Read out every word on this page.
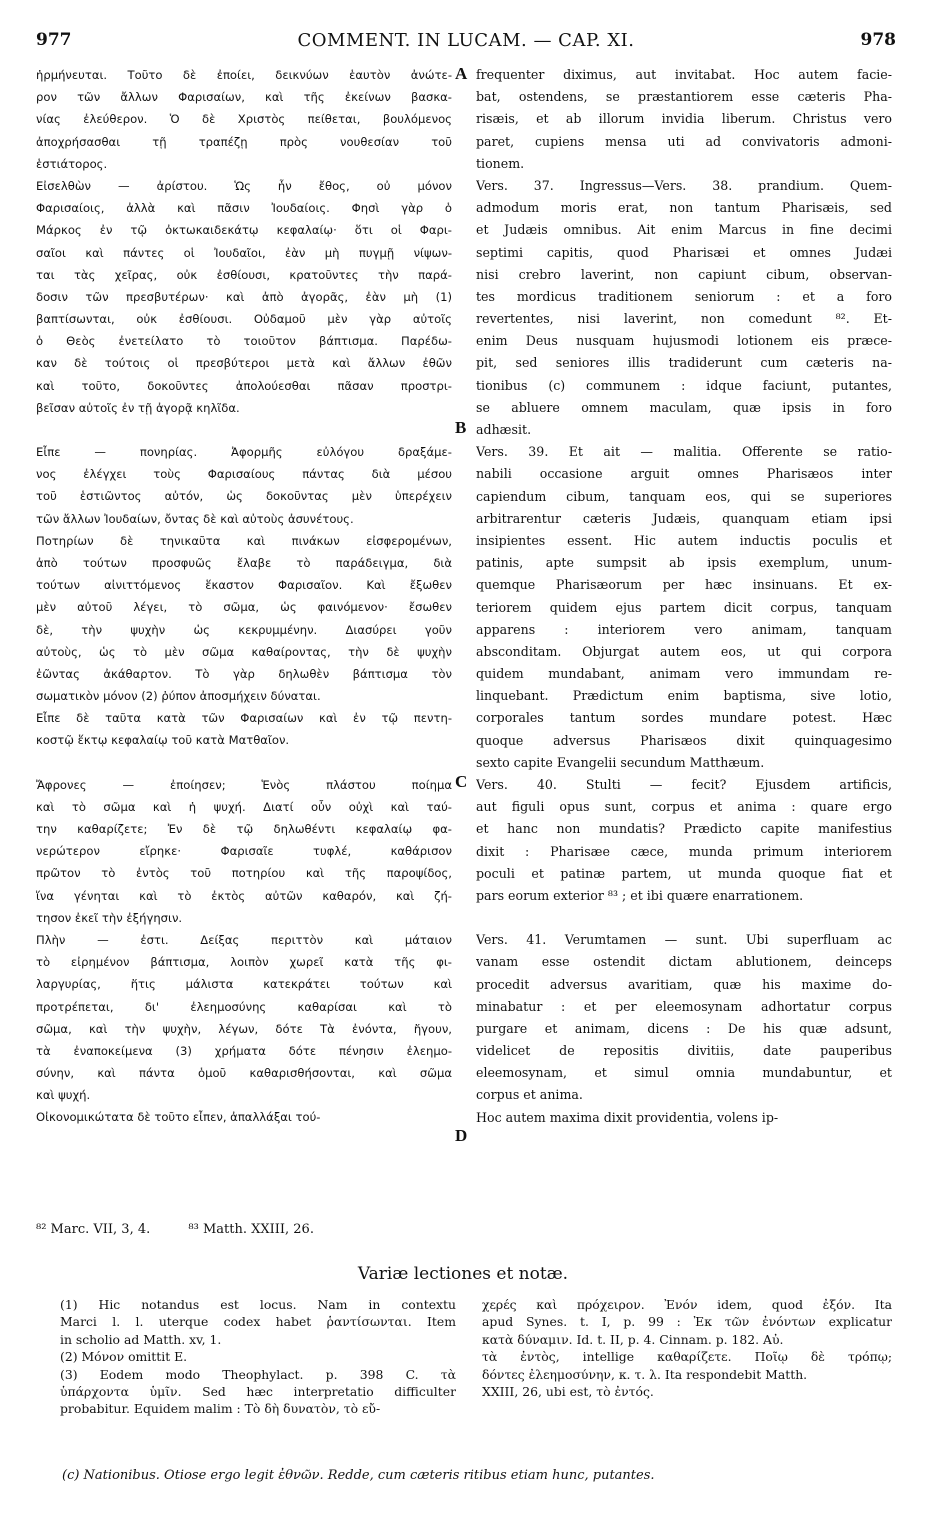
977	COMMENT. IN LUCAM. — CAP. XI.	978
ἡρμήνευται. Τοῦτο δὲ ἐποίει, δεικνύων ἑαυτὸν ἀνώτε-
ρον τῶν ἄλλων Φαρισαίων, καὶ τῆς ἐκείνων βασκα-
νίας ἐλεύθερον. Ὁ δὲ Χριστὸς πείθεται, βουλόμενος
ἀποχρήσασθαι τῇ τραπέζῃ πρὸς νουθεσίαν τοῦ
ἑστιάτορος.
Εἰσελθὼν — ἀρίστου. Ὡς ἦν ἔθος, οὐ μόνον
Φαρισαίοις, ἀλλὰ καὶ πᾶσιν Ἰουδαίοις. Φησὶ γὰρ ὁ
Μάρκος ἐν τῷ ὀκτωκαιδεκάτῳ κεφαλαίῳ· ὅτι οἱ Φαρι-
σαῖοι καὶ πάντες οἱ Ἰουδαῖοι, ἐὰν μὴ πυγμῇ νίψων-
ται τὰς χεῖρας, οὐκ ἐσθίουσι, κρατοῦντες τὴν παρά-
δοσιν τῶν πρεσβυτέρων· καὶ ἀπὸ ἀγορᾶς, ἐὰν μὴ (1)
βαπτίσωνται, οὐκ ἐσθίουσι. Οὐδαμοῦ μὲν γὰρ αὐτοῖς
ὁ Θεὸς ἐνετείλατο τὸ τοιοῦτον βάπτισμα. Παρέδω-
καν δὲ τούτοις οἱ πρεσβύτεροι μετὰ καὶ ἄλλων ἐθῶν
καὶ τοῦτο, δοκοῦντες ἀπολούεσθαι πᾶσαν προστρι-
βεῖσαν αὐτοῖς ἐν τῇ ἀγορᾷ κηλῖδα.
Εἶπε — πονηρίας. Ἀφορμῆς εὐλόγου δραξάμε-
νος ἐλέγχει τοὺς Φαρισαίους πάντας διὰ μέσου
τοῦ ἑστιῶντος αὐτόν, ὡς δοκοῦντας μὲν ὑπερέχειν
τῶν ἄλλων Ἰουδαίων, ὄντας δὲ καὶ αὐτοὺς ἀσυνέτους.
Ποτηρίων δὲ τηνικαῦτα καὶ πινάκων εἰσφερομένων,
ἀπὸ τούτων προσφυῶς ἔλαβε τὸ παράδειγμα, διὰ
τούτων αἰνιττόμενος ἕκαστον Φαρισαῖον. Καὶ ἔξωθεν
μὲν αὐτοῦ λέγει, τὸ σῶμα, ὡς φαινόμενον· ἔσωθεν
δὲ, τὴν ψυχὴν ὡς κεκρυμμένην. Διασύρει γοῦν
αὐτοὺς, ὡς τὸ μὲν σῶμα καθαίροντας, τὴν δὲ ψυχὴν
ἐῶντας ἀκάθαρτον. Τὸ γὰρ δηλωθὲν βάπτισμα τὸν
σωματικὸν μόνον (2) ῥύπον ἀποσμήχειν δύναται.
Εἶπε δὲ ταῦτα κατὰ τῶν Φαρισαίων καὶ ἐν τῷ πεντη-
κοστῷ ἕκτῳ κεφαλαίῳ τοῦ κατὰ Ματθαῖον.
Ἄφρονες — ἐποίησεν; Ἑνὸς πλάστου ποίημα
καὶ τὸ σῶμα καὶ ἡ ψυχή. Διατί οὖν οὐχὶ καὶ ταύ-
την καθαρίζετε; Ἐν δὲ τῷ δηλωθέντι κεφαλαίῳ φα-
νερώτερον εἴρηκε· Φαρισαῖε τυφλέ, καθάρισον
πρῶτον τὸ ἐντὸς τοῦ ποτηρίου καὶ τῆς παροψίδος,
ἵνα γένηται καὶ τὸ ἐκτὸς αὐτῶν καθαρόν, καὶ ζή-
τησον ἐκεῖ τὴν ἐξήγησιν.
Πλὴν — ἐστι. Δείξας περιττὸν καὶ μάταιον
τὸ εἰρημένον βάπτισμα, λοιπὸν χωρεῖ κατὰ τῆς φι-
λαργυρίας, ἥτις μάλιστα κατεκράτει τούτων καὶ
προτρέπεται, δι' ἐλεημοσύνης καθαρίσαι καὶ τὸ
σῶμα, καὶ τὴν ψυχὴν, λέγων, δότε Τὰ ἐνόντα, ἤγουν,
τὰ ἐναποκείμενα (3) χρήματα δότε πένησιν ἐλεημο-
σύνην, καὶ πάντα ὁμοῦ καθαρισθήσονται, καὶ σῶμα
καὶ ψυχή.
Οἰκονομικώτατα δὲ τοῦτο εἶπεν, ἀπαλλάξαι τού-
frequenter diximus, aut invitabat. Hoc autem facie-
bat, ostendens, se præstantiorem esse cæteris Pha-
risæis, et ab illorum invidia liberum. Christus vero
paret, cupiens mensa uti ad convivatoris admoni-
tionem.
Vers. 37. Ingressus—Vers. 38. prandium. Quem-
admodum moris erat, non tantum Pharisæis, sed
et Judæis omnibus. Ait enim Marcus in fine decimi
septimi capitis, quod Pharisæi et omnes Judæi
nisi crebro laverint, non capiunt cibum, observan-
tes mordicus traditionem seniorum : et a foro
revertentes, nisi laverint, non comedunt ⁸². Et-
enim Deus nusquam hujusmodi lotionem eis præce-
pit, sed seniores illis tradiderunt cum cæteris na-
tionibus (c) communem : idque faciunt, putantes,
se abluere omnem maculam, quæ ipsis in foro
adhæsit.
Vers. 39. Et ait — malitia. Offerente se ratio-
nabili occasione arguit omnes Pharisæos inter
capiendum cibum, tanquam eos, qui se superiores
arbitrarentur cæteris Judæis, quanquam etiam ipsi
insipientes essent. Hic autem inductis poculis et
patinis, apte sumpsit ab ipsis exemplum, unum-
quemque Pharisæorum per hæc insinuans. Et ex-
teriorem quidem ejus partem dicit corpus, tanquam
apparens : interiorem vero animam, tanquam
absconditam. Objurgat autem eos, ut qui corpora
quidem mundabant, animam vero immundam re-
linquebant. Prædictum enim baptisma, sive lotio,
corporales tantum sordes mundare potest. Hæc
quoque adversus Pharisæos dixit quinquagesimo
sexto capite Evangelii secundum Matthæum.
Vers. 40. Stulti — fecit? Ejusdem artificis,
aut figuli opus sunt, corpus et anima : quare ergo
et hanc non mundatis? Prædicto capite manifestius
dixit : Pharisæe cæce, munda primum interiorem
poculi et patinæ partem, ut munda quoque fiat et
pars eorum exterior ⁸³ ; et ibi quære enarrationem.
Vers. 41. Verumtamen — sunt. Ubi superfluam ac
vanam esse ostendit dictam ablutionem, deinceps
procedit adversus avaritiam, quæ his maxime do-
minabatur : et per eleemosynam adhortatur corpus
purgare et animam, dicens : De his quæ adsunt,
videlicet de repositis divitiis, date pauperibus
eleemosynam, et simul omnia mundabuntur, et
corpus et anima.
Hoc autem maxima dixit providentia, volens ip-
A
B
C
D
⁸² Marc. VII, 3, 4.	⁸³ Matth. XXIII, 26.
Variæ lectiones et notæ.
(1) Hic notandus est locus. Nam in contextu
Marci l. l. uterque codex habet ῥαντίσωνται. Item
in scholio ad Matth. xv, 1.
(2) Μόνον omittit E.
(3) Eodem modo Theophylact. p. 398 C. τὰ
ὑπάρχοντα ὑμῖν. Sed hæc interpretatio difficulter
probabitur. Equidem malim : Τὸ δὴ δυνατὸν, τὸ εὔ-
χερές καὶ πρόχειρον. Ἐνόν idem, quod ἐξόν. Ita
apud Synes. t. I, p. 99 : Ἐκ τῶν ἐνόντων explicatur
κατὰ δύναμιν. Id. t. II, p. 4. Cinnam. p. 182. Αὐ.
τὰ ἐντὸς, intellige καθαρίζετε. Ποῖῳ δὲ τρόπῳ;
δόντες ἐλεημοσύνην, κ. τ. λ. Ita respondebit Matth.
XXIII, 26, ubi est, τὸ ἐντός.
(c) Nationibus. Otiose ergo legit ἐθνῶν. Redde, cum cæteris ritibus etiam hunc, putantes.
